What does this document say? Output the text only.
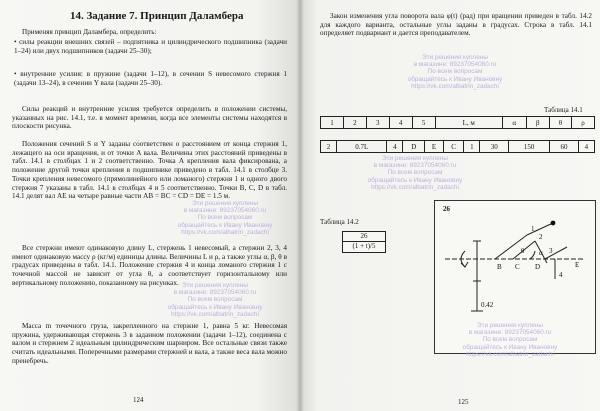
14. Задание 7. Принцип Даламбера
Применяя принцип Даламбера, определить:
• силы реакции внешних связей – подпятника и цилиндрического подшипника (задачи 1–24) или двух подшипников (задачи 25–30);
• внутренние усилия: в пружине (задачи 1–12), в сечении S невесомого стержня 1 (задачи 13–24), в сечении Y вала (задачи 25–30).
Силы реакций и внутренние усилия требуется определить в положении системы, указанных на рис. 14.1, т.е. в момент времени, когда все элементы системы находятся в плоскости рисунка.
Положения сечений S и Y заданы соответствен о расстоянием от конца стержня 1, лежащего на оси вращения, и от точки A вала. Величины этих расстояний приведены в табл. 14.1 в столбцах 1 и 2 соответственно. Точка A крепления вала фиксирована, а положение другой точки крепления в подшипнике приведено в табл. 14.1 в столбце 3. Точки крепления невесомого (прямолинейного или ломаного) стержня 1 и одного двого стержня 7 указаны в табл. 14.1 в столбцах 4 и 5 соответственно. Точки B, C, D в табл. 14.1 делят вал AE на четыре равные части AB = BC = CD = DE = 1.5 м.
Все стержни имеют одинаковую длину L, стержень 1 невесомый, а стержни 2, 3, 4 имеют одинаковую массу ρ (кг/м) единицы длины. Величины L и ρ, а также углы α, β, θ в градусах приведены в табл. 14.1. Положение стержня 4 и конца ломаного стержня 1 с точечной массой не зависит от угла θ, а соответствует горизонтальному или вертикальному положению, показанному на рисунках.
Масса m точечного груза, закрепленного на стержне 1, равна 5 кг. Невесомая пружина, удерживающая стержень 3 в заданном положении (задачи 1–12), соединена с валом и стержнем 2 идеальным цилиндрическим шарниром. Все остальные связи также считать идеальными. Поперечными размерами стержней и вала, а также веса вала можно пренебречь.
124
Эти решения куплены
в магазине: 89237054060.ru
По всем вопросам
обращайтесь к Ивану Ивановну
https://vk.com/albatrin_zadachi
Эти решения куплены
в магазине: 89237054060.ru
По всем вопросам
обращайтесь к Ивану Ивановну
https://vk.com/albatrin_zadachi
Закон изменения угла поворота вала φ(t) (рад) при вращении приведен в табл. 14.2 для каждого варианта, остальные углы заданы в градусах. Строка в табл. 14.1 определяет подвариант и дается преподавателем.
Эти решения куплены
в магазине: 89237054060.ru
По всем вопросам
обращайтесь к Ивану Ивановну
https://vk.com/albatrin_zadachi
Таблица 14.1
1	2	3	4	5	L, м	α	β	θ	ρ
2	0.7L	4	D	E	C	1	30	150	60	4
Эти решения куплены
в магазине: 89237054060.ru
По всем вопросам
обращайтесь к Ивану Ивановну
https://vk.com/albatrin_zadachi
Таблица 14.2
26
(1 + t)/5
26
1
2
3
4
B C D	E
θ α
0.42
Эти решения куплены
в магазине: 89237054060.ru
По всем вопросам
обращайтесь к Ивану Ивановну
https://vk.com/albatrin_zadachi
125
